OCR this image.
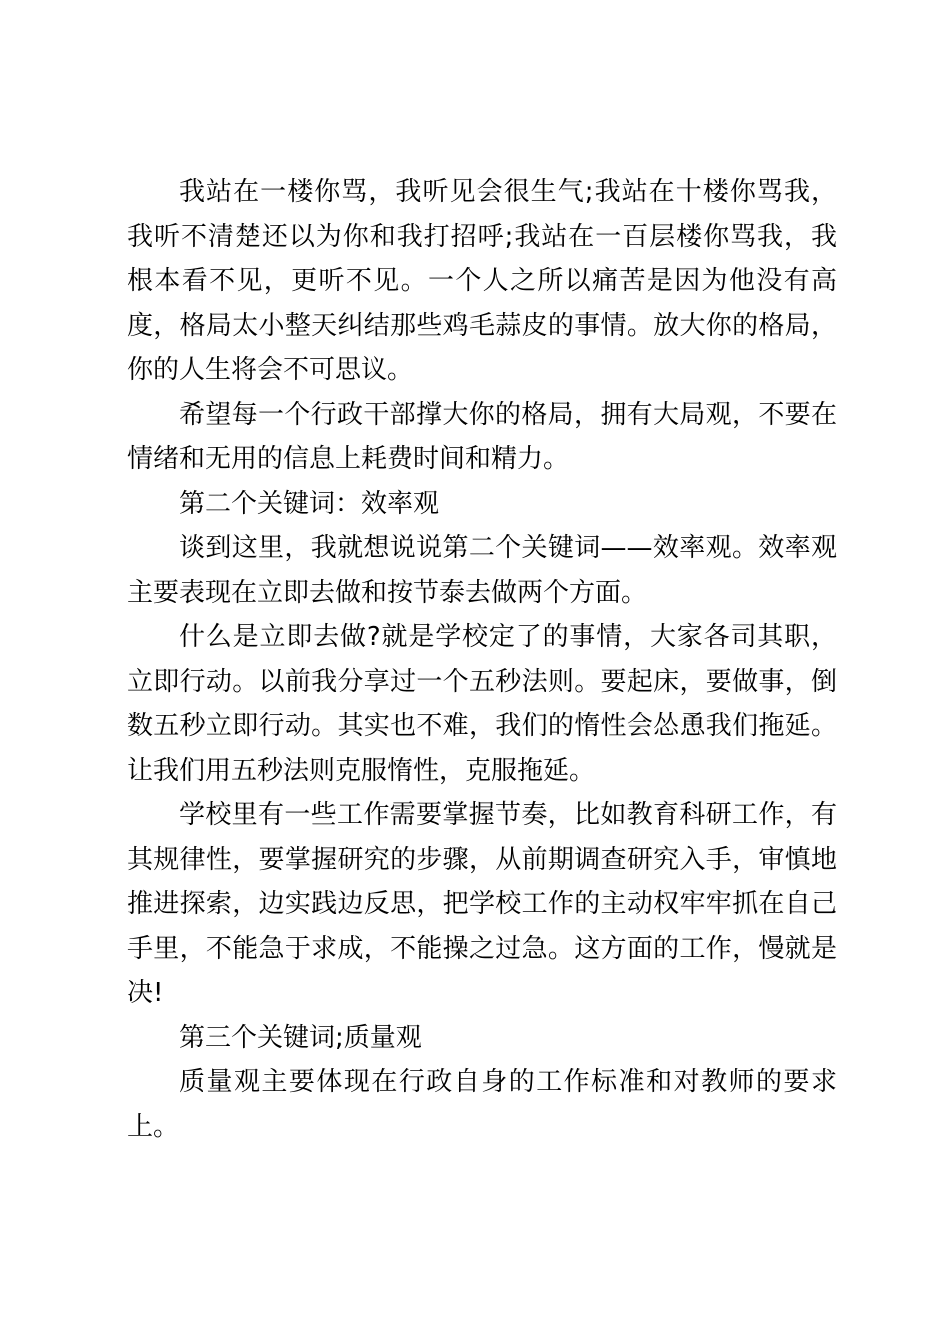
我站在一楼你骂，我听见会很生气;我站在十楼你骂我，我听不清楚还以为你和我打招呼;我站在一百层楼你骂我，我根本看不见，更听不见。一个人之所以痛苦是因为他没有高度，格局太小整天纠结那些鸡毛蒜皮的事情。放大你的格局，你的人生将会不可思议。

希望每一个行政干部撑大你的格局，拥有大局观，不要在情绪和无用的信息上耗费时间和精力。

第二个关键词：效率观

谈到这里，我就想说说第二个关键词——效率观。效率观主要表现在立即去做和按节泰去做两个方面。

什么是立即去做?就是学校定了的事情，大家各司其职，立即行动。以前我分享过一个五秒法则。要起床，要做事，倒数五秒立即行动。其实也不难，我们的惰性会怂恿我们拖延。让我们用五秒法则克服惰性，克服拖延。

学校里有一些工作需要掌握节奏，比如教育科研工作，有其规律性，要掌握研究的步骤，从前期调查研究入手，审慎地推进探索，边实践边反思，把学校工作的主动权牢牢抓在自己手里，不能急于求成，不能操之过急。这方面的工作，慢就是决!

第三个关键词;质量观

质量观主要体现在行政自身的工作标准和对教师的要求上。
